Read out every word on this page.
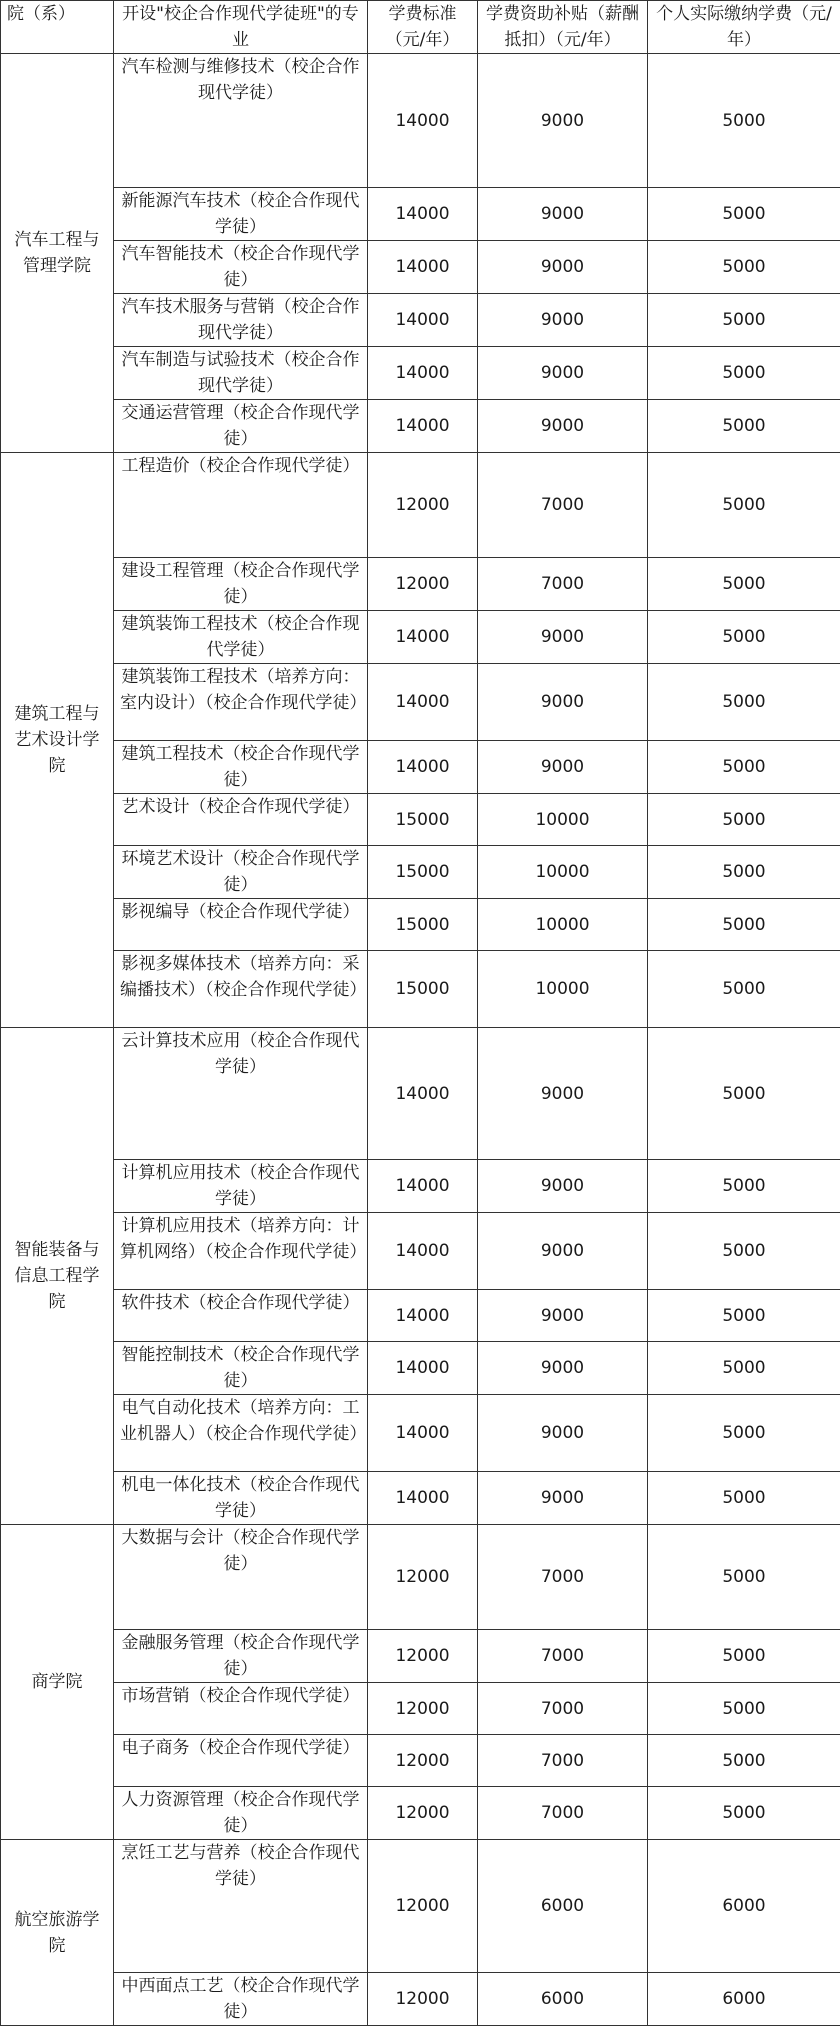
院（系）	开设"校企合作现代学徒班"的专业	学费标准（元/年）	学费资助补贴（薪酬抵扣）（元/年）	个人实际缴纳学费（元/年）
汽车工程与管理学院	汽车检测与维修技术（校企合作现代学徒）	14000	9000	5000
	新能源汽车技术（校企合作现代学徒）	14000	9000	5000
	汽车智能技术（校企合作现代学徒）	14000	9000	5000
	汽车技术服务与营销（校企合作现代学徒）	14000	9000	5000
	汽车制造与试验技术（校企合作现代学徒）	14000	9000	5000
	交通运营管理（校企合作现代学徒）	14000	9000	5000
建筑工程与艺术设计学院	工程造价（校企合作现代学徒）	12000	7000	5000
	建设工程管理（校企合作现代学徒）	12000	7000	5000
	建筑装饰工程技术（校企合作现代学徒）	14000	9000	5000
	建筑装饰工程技术（培养方向：室内设计）（校企合作现代学徒）	14000	9000	5000
	建筑工程技术（校企合作现代学徒）	14000	9000	5000
	艺术设计（校企合作现代学徒）	15000	10000	5000
	环境艺术设计（校企合作现代学徒）	15000	10000	5000
	影视编导（校企合作现代学徒）	15000	10000	5000
	影视多媒体技术（培养方向：采编播技术）（校企合作现代学徒）	15000	10000	5000
智能装备与信息工程学院	云计算技术应用（校企合作现代学徒）	14000	9000	5000
	计算机应用技术（校企合作现代学徒）	14000	9000	5000
	计算机应用技术（培养方向：计算机网络）（校企合作现代学徒）	14000	9000	5000
	软件技术（校企合作现代学徒）	14000	9000	5000
	智能控制技术（校企合作现代学徒）	14000	9000	5000
	电气自动化技术（培养方向：工业机器人）（校企合作现代学徒）	14000	9000	5000
	机电一体化技术（校企合作现代学徒）	14000	9000	5000
商学院	大数据与会计（校企合作现代学徒）	12000	7000	5000
	金融服务管理（校企合作现代学徒）	12000	7000	5000
	市场营销（校企合作现代学徒）	12000	7000	5000
	电子商务（校企合作现代学徒）	12000	7000	5000
	人力资源管理（校企合作现代学徒）	12000	7000	5000
航空旅游学院	烹饪工艺与营养（校企合作现代学徒）	12000	6000	6000
	中西面点工艺（校企合作现代学徒）	12000	6000	6000
